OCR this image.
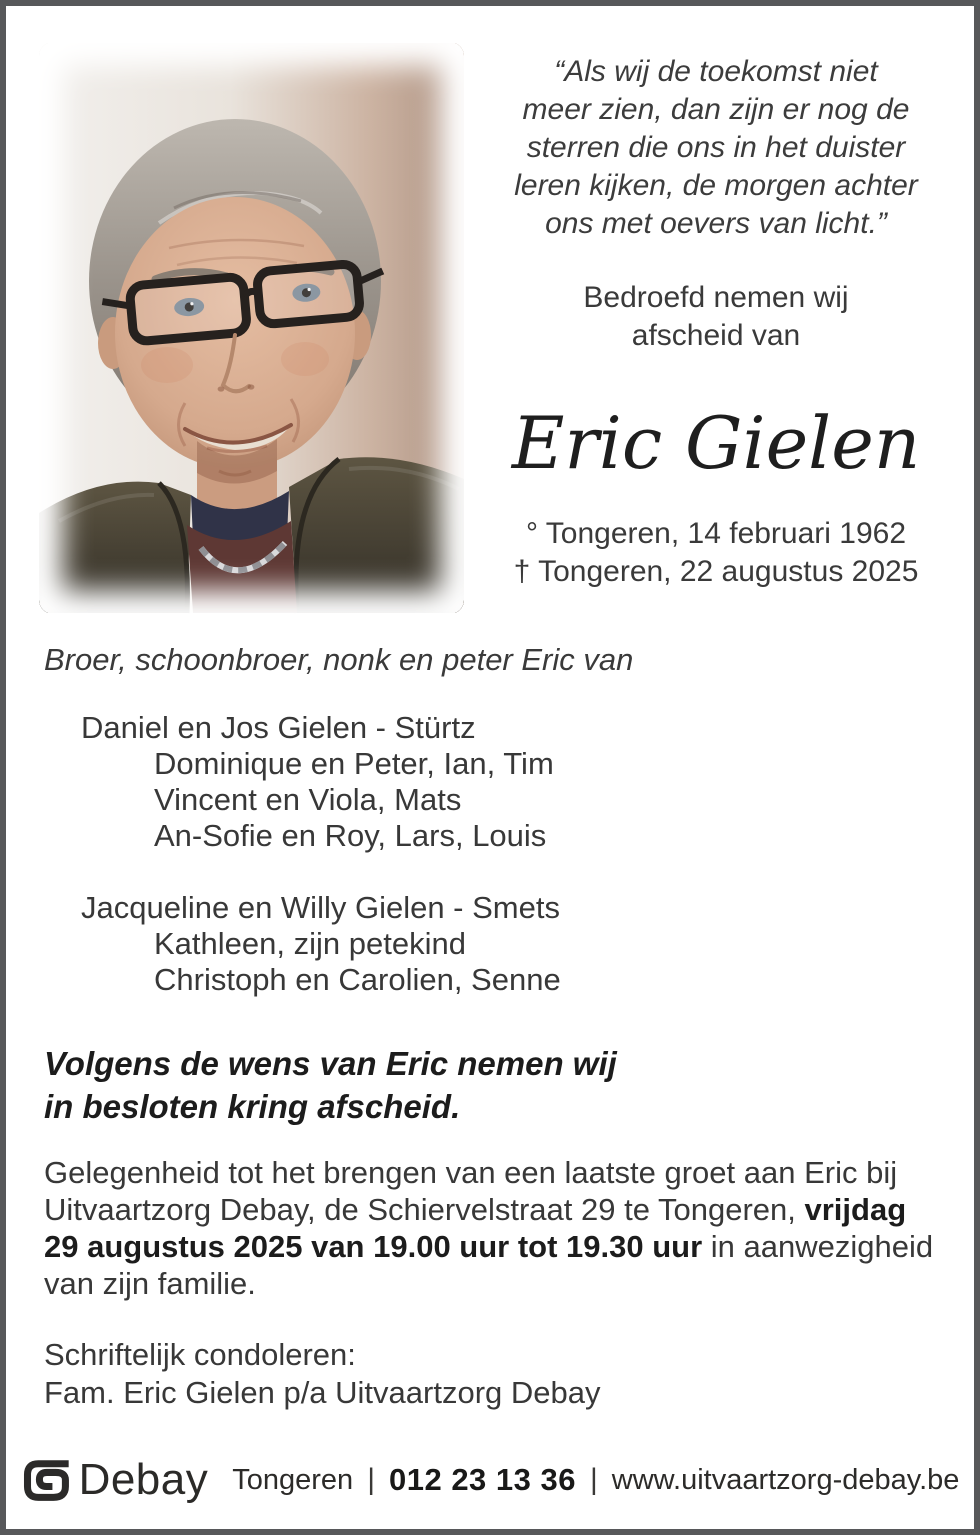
“Als wij de toekomst niet
meer zien, dan zijn er nog de
sterren die ons in het duister
leren kijken, de morgen achter
ons met oevers van licht.”
Bedroefd nemen wij
afscheid van
Eric Gielen
° Tongeren, 14 februari 1962
† Tongeren, 22 augustus 2025
Broer, schoonbroer, nonk en peter Eric van
Daniel en Jos Gielen - Stürtz
Dominique en Peter, Ian, Tim
Vincent en Viola, Mats
An-Sofie en Roy, Lars, Louis
Jacqueline en Willy Gielen - Smets
Kathleen, zijn petekind
Christoph en Carolien, Senne
Volgens de wens van Eric nemen wij
in besloten kring afscheid.

Gelegenheid tot het brengen van een laatste groet aan Eric bij Uitvaartzorg Debay, de Schiervelstraat 29 te Tongeren, vrijdag 29 augustus 2025 van 19.00 uur tot 19.30 uur in aanwezigheid van zijn familie.

Schriftelijk condoleren:
Fam. Eric Gielen p/a Uitvaartzorg Debay
Debay Tongeren | 012 23 13 36 | www.uitvaartzorg-debay.be
